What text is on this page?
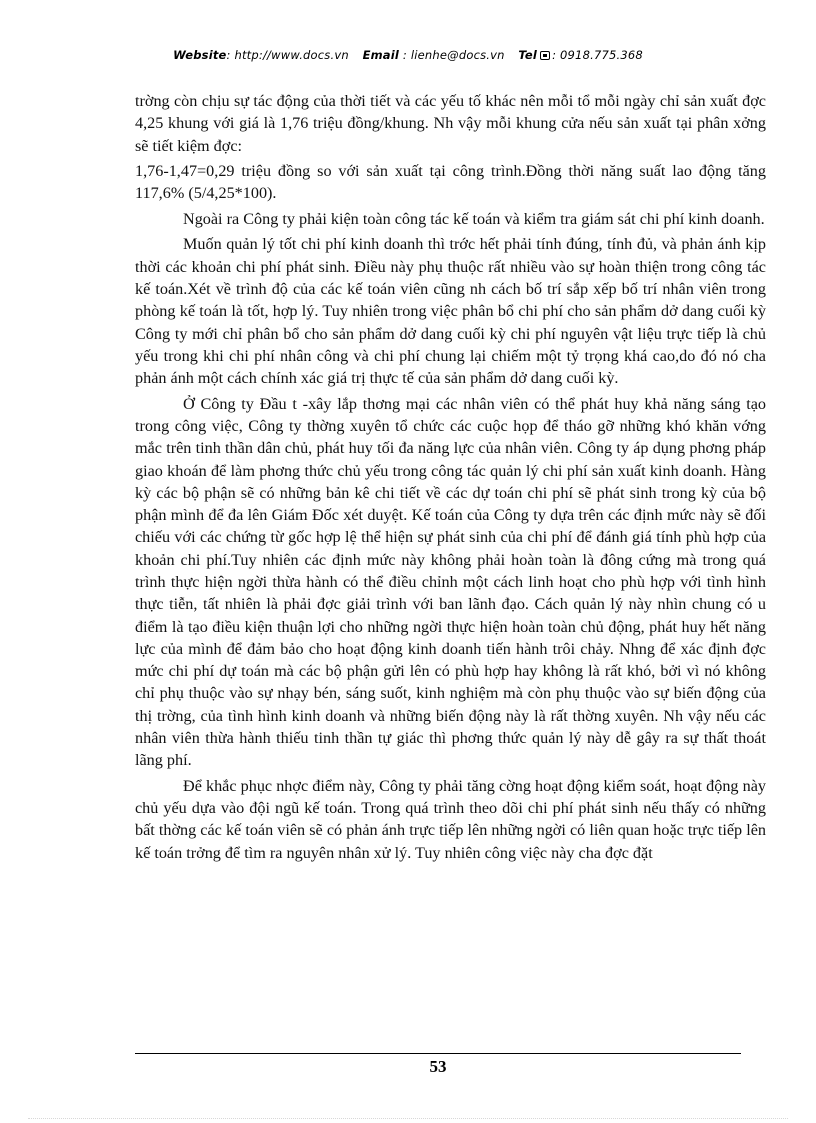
Website: http://www.docs.vn Email : lienhe@docs.vn Tel : 0918.775.368

trờng còn chịu sự tác động của thời tiết và các yếu tố khác nên mỗi tổ mỗi ngày chỉ sản xuất đợc 4,25 khung với giá là 1,76 triệu đồng/khung. Nh vậy mỗi khung cửa nếu sản xuất tại phân xởng sẽ tiết kiệm đợc:

1,76-1,47=0,29 triệu đồng so với sản xuất tại công trình.Đồng thời năng suất lao động tăng 117,6% (5/4,25*100).

Ngoài ra Công ty phải kiện toàn công tác kế toán và kiểm tra giám sát chi phí kinh doanh.

Muốn quản lý tốt chi phí kinh doanh thì trớc hết phải tính đúng, tính đủ, và phản ánh kịp thời các khoản chi phí phát sinh. Điều này phụ thuộc rất nhiều vào sự hoàn thiện trong công tác kế toán.Xét về trình độ của các kế toán viên cũng nh cách bố trí sắp xếp bố trí nhân viên trong phòng kế toán là tốt, hợp lý. Tuy nhiên trong việc phân bổ chi phí cho sản phẩm dở dang cuối kỳ Công ty mới chỉ phân bổ cho sản phẩm dở dang cuối kỳ chi phí nguyên vật liệu trực tiếp là chủ yếu trong khi chi phí nhân công và chi phí chung lại chiếm một tỷ trọng khá cao,do đó nó cha phản ánh một cách chính xác giá trị thực tế của sản phẩm dở dang cuối kỳ.

Ở Công ty Đầu t -xây lắp thơng mại các nhân viên có thể phát huy khả năng sáng tạo trong công việc, Công ty thờng xuyên tổ chức các cuộc họp để tháo gỡ những khó khăn vớng mắc trên tinh thần dân chủ, phát huy tối đa năng lực của nhân viên. Công ty áp dụng phơng pháp giao khoán để làm phơng thức chủ yếu trong công tác quản lý chi phí sản xuất kinh doanh. Hàng kỳ các bộ phận sẽ có những bản kê chi tiết về các dự toán chi phí sẽ phát sinh trong kỳ của bộ phận mình để đa lên Giám Đốc xét duyệt. Kế toán của Công ty dựa trên các định mức này sẽ đối chiếu với các chứng từ gốc hợp lệ thể hiện sự phát sinh của chi phí để đánh giá tính phù hợp của khoản chi phí.Tuy nhiên các định mức này không phải hoàn toàn là đông cứng mà trong quá trình thực hiện ngời thừa hành có thể điều chỉnh một cách linh hoạt cho phù hợp với tình hình thực tiễn, tất nhiên là phải đợc giải trình với ban lãnh đạo. Cách quản lý này nhìn chung có u điểm là tạo điều kiện thuận lợi cho những ngời thực hiện hoàn toàn chủ động, phát huy hết năng lực của mình để đảm bảo cho hoạt động kinh doanh tiến hành trôi chảy. Nhng để xác định đợc mức chi phí dự toán mà các bộ phận gửi lên có phù hợp hay không là rất khó, bởi vì nó không chỉ phụ thuộc vào sự nhạy bén, sáng suốt, kinh nghiệm mà còn phụ thuộc vào sự biến động của thị trờng, của tình hình kinh doanh và những biến động này là rất thờng xuyên. Nh vậy nếu các nhân viên thừa hành thiếu tinh thần tự giác thì phơng thức quản lý này dễ gây ra sự thất thoát lãng phí.

Để khắc phục nhợc điểm này, Công ty phải tăng cờng hoạt động kiểm soát, hoạt động này chủ yếu dựa vào đội ngũ kế toán. Trong quá trình theo dõi chi phí phát sinh nếu thấy có những bất thờng các kế toán viên sẽ có phản ánh trực tiếp lên những ngời có liên quan hoặc trực tiếp lên kế toán trởng để tìm ra nguyên nhân xử lý. Tuy nhiên công việc này cha đợc đặt

53
